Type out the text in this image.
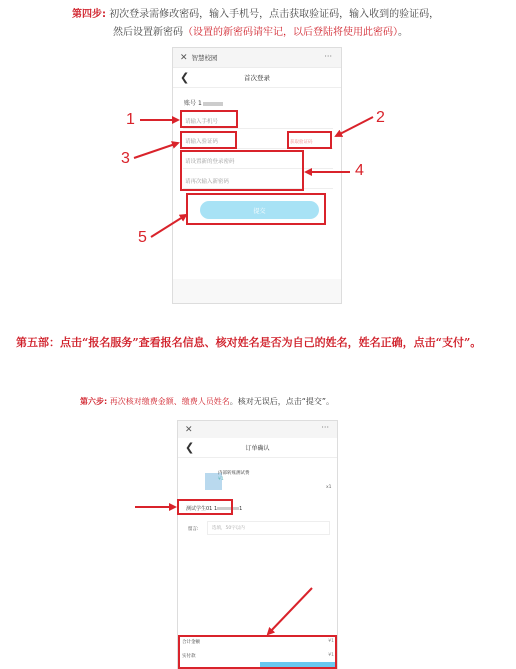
第四步: 初次登录需修改密码，输入手机号，点击获取验证码，输入收到的验证码，
然后设置新密码（设置的新密码请牢记，以后登陆将使用此密码）。
✕ 智慧校园	···
❮	首次登录
账号 1
请输入手机号
请输入验证码	获取验证码
请设置新的登录密码
请再次输入新密码
提交
1	2
3
4
5
第五部：点击“报名服务”查看报名信息、核对姓名是否为自己的姓名，姓名正确，点击“支付”。
第六步: 再次核对缴费金额、缴费人员姓名。核对无误后，点击“提交”。
✕	···
❮	订单确认
内部转账测试费
¥1
x1
测试学生01 1	1
留言:	选填，50字以内
合计金额	¥1
实付款	¥1
